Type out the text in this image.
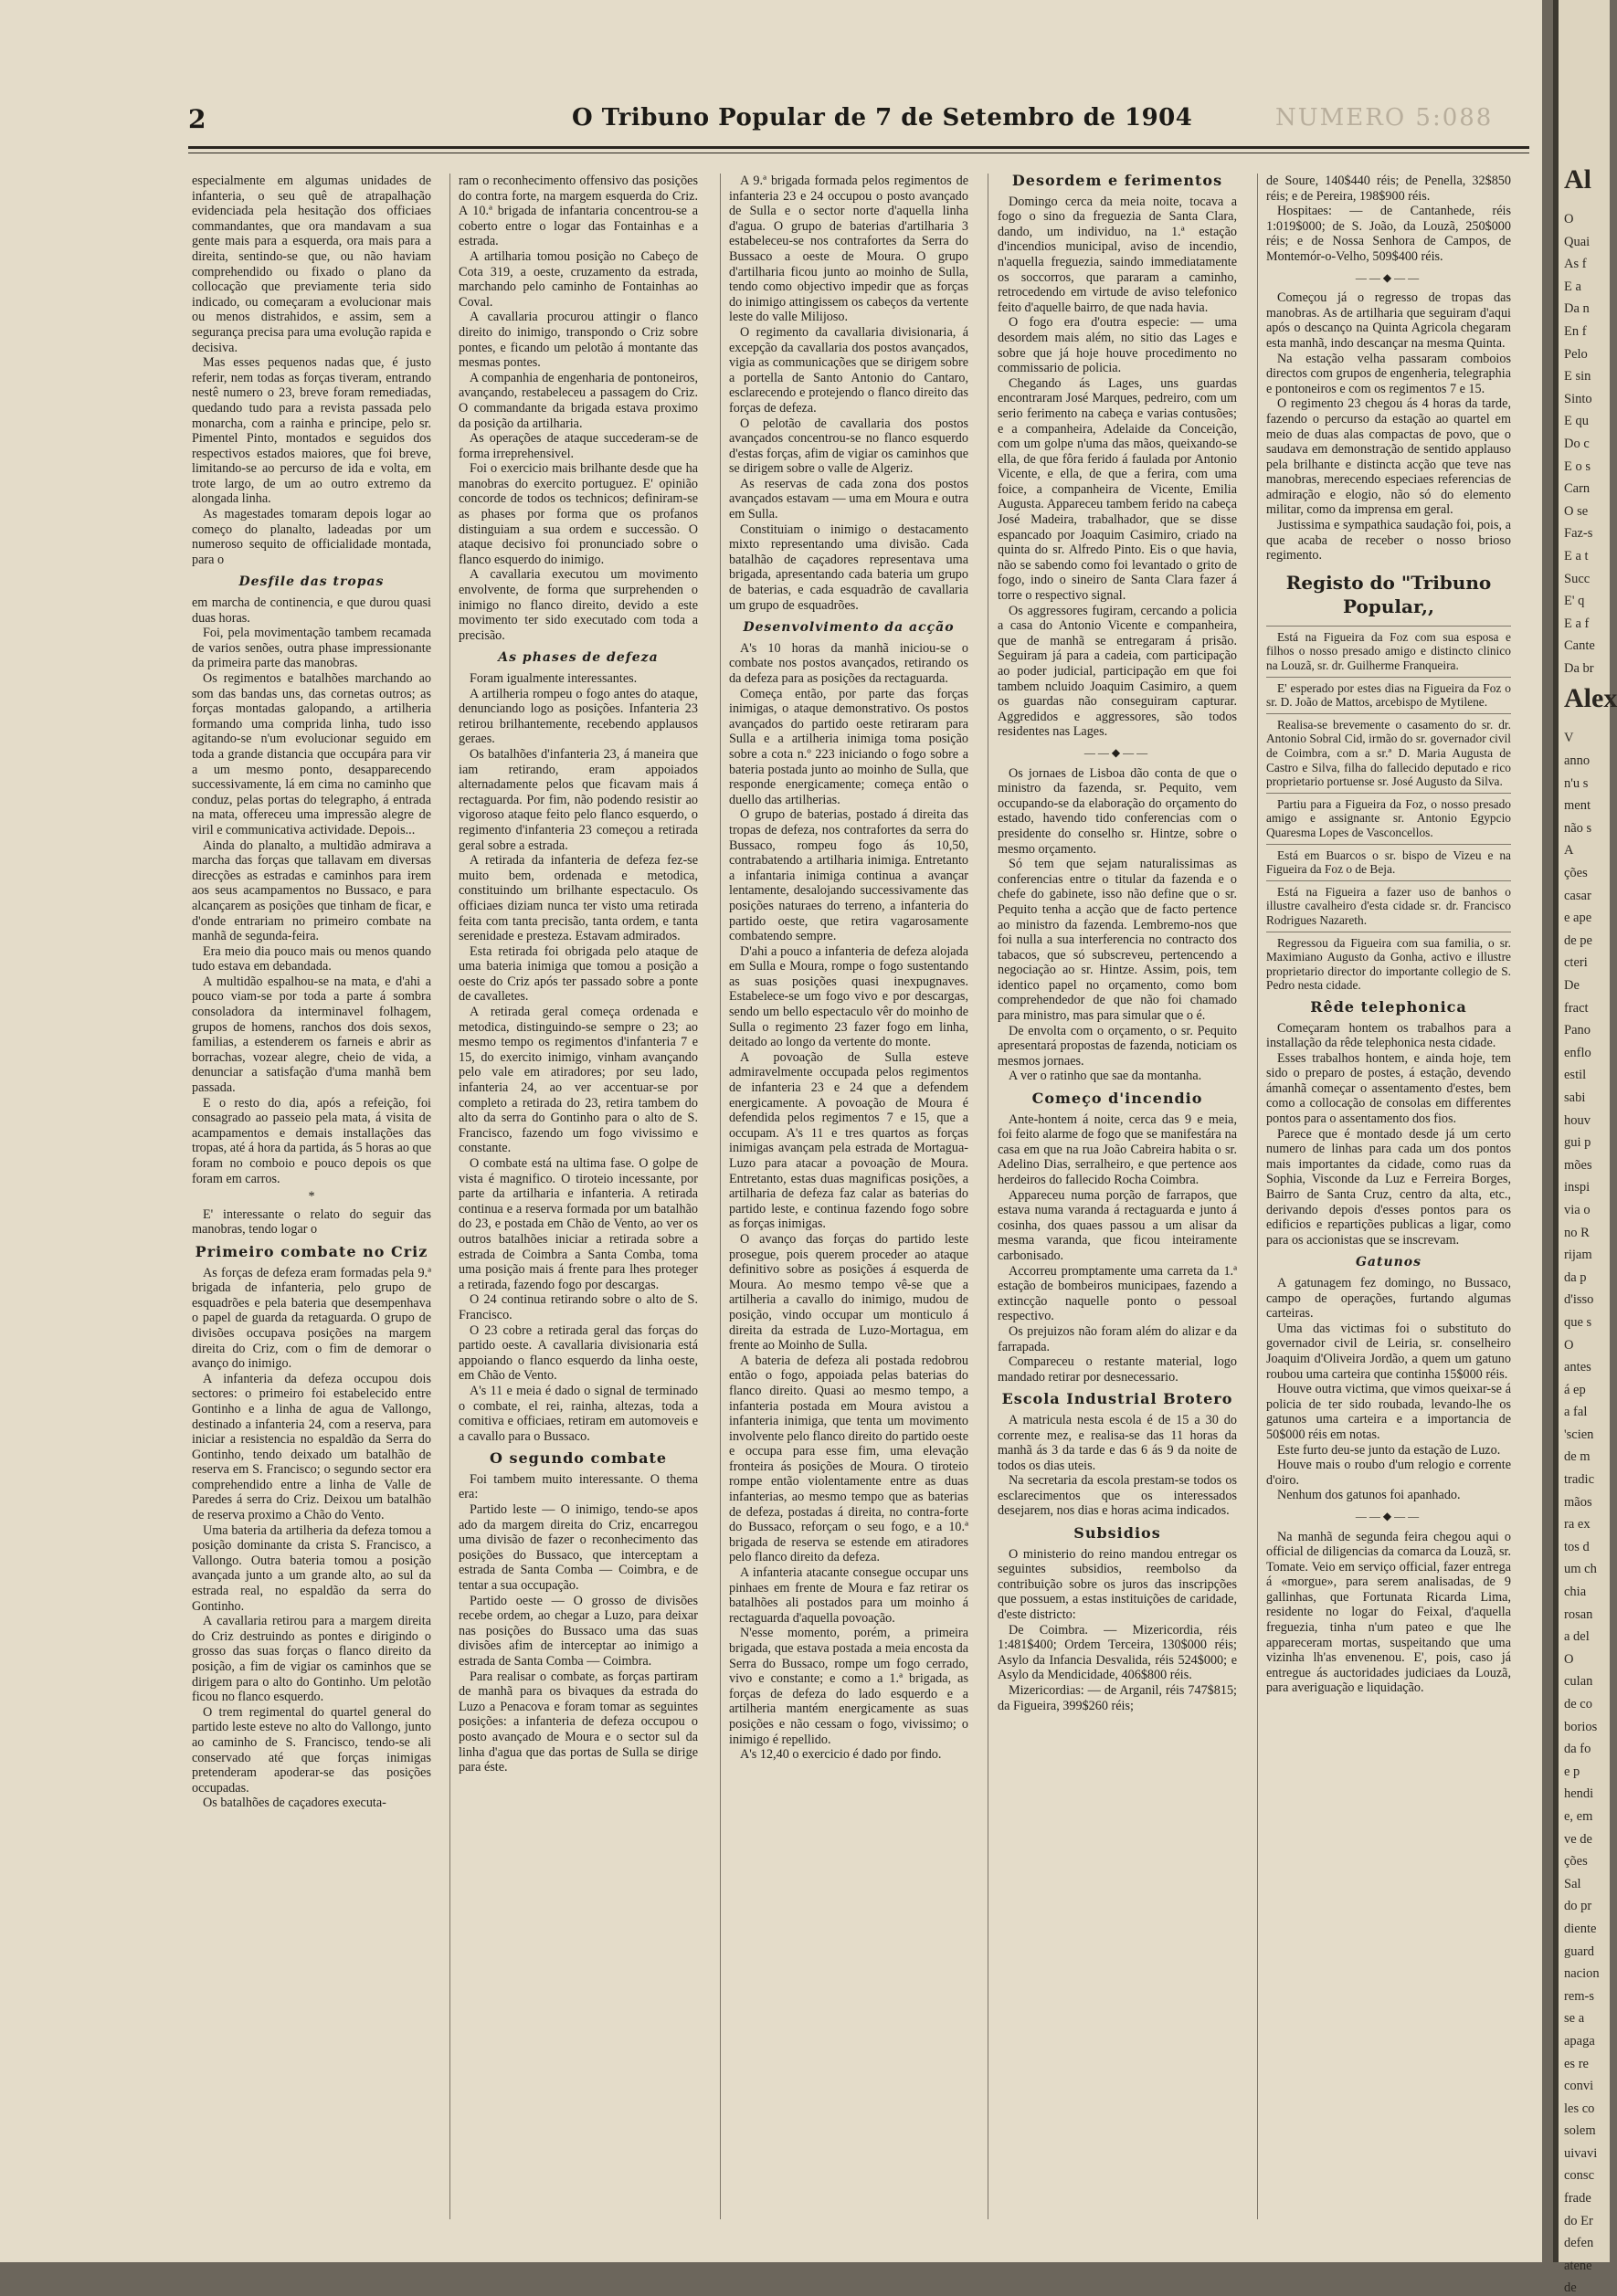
2	O Tribuno Popular de 7 de Setembro de 1904	NUMERO 5:088

especialmente em algumas unidades de infanteria, o seu quê de atrapalhação evidenciada pela hesitação dos officiaes commandantes, que ora mandavam a sua gente mais para a esquerda, ora mais para a direita, sentindo-se que, ou não haviam comprehendido ou fixado o plano da collocação que previamente teria sido indicado, ou começaram a evolucionar mais ou menos distrahidos, e assim, sem a segurança precisa para uma evolução rapida e decisiva.

Mas esses pequenos nadas que, é justo referir, nem todas as forças tiveram, entrando nestê numero o 23, breve foram remediadas, quedando tudo para a revista passada pelo monarcha, com a rainha e principe, pelo sr. Pimentel Pinto, montados e seguidos dos respectivos estados maiores, que foi breve, limitando-se ao percurso de ida e volta, em trote largo, de um ao outro extremo da alongada linha.

As magestades tomaram depois logar ao começo do planalto, ladeadas por um numeroso sequito de officialidade montada, para o

Desfile das tropas

em marcha de continencia, e que durou quasi duas horas.

Foi, pela movimentação tambem recamada de varios senões, outra phase impressionante da primeira parte das manobras.

Os regimentos e batalhões marchando ao som das bandas uns, das cornetas outros; as forças montadas galopando, a artilheria formando uma comprida linha, tudo isso agitando-se n'um evolucionar seguido em toda a grande distancia que occupára para vir a um mesmo ponto, desapparecendo successivamente, lá em cima no caminho que conduz, pelas portas do telegrapho, á entrada na mata, offereceu uma impressão alegre de viril e communicativa actividade. Depois...

Ainda do planalto, a multidão admirava a marcha das forças que tallavam em diversas direcções as estradas e caminhos para irem aos seus acampamentos no Bussaco, e para alcançarem as posições que tinham de ficar, e d'onde entrariam no primeiro combate na manhã de segunda-feira.

Era meio dia pouco mais ou menos quando tudo estava em debandada.

A multidão espalhou-se na mata, e d'ahi a pouco viam-se por toda a parte á sombra consoladora da interminavel folhagem, grupos de homens, ranchos dos dois sexos, familias, a estenderem os farneis e abrir as borrachas, vozear alegre, cheio de vida, a denunciar a satisfação d'uma manhã bem passada.

E o resto do dia, após a refeição, foi consagrado ao passeio pela mata, á visita de acampamentos e demais installações das tropas, até á hora da partida, ás 5 horas ao que foram no comboio e pouco depois os que foram em carros.

*

E' interessante o relato do seguir das manobras, tendo logar o

Primeiro combate no Criz

As forças de defeza eram formadas pela 9.ª brigada de infanteria, pelo grupo de esquadrões e pela bateria que desempenhava o papel de guarda da retaguarda. O grupo de divisões occupava posições na margem direita do Criz, com o fim de demorar o avanço do inimigo.

A infanteria da defeza occupou dois sectores: o primeiro foi estabelecido entre Gontinho e a linha de agua de Vallongo, destinado a infanteria 24, com a reserva, para iniciar a resistencia no espaldão da Serra do Gontinho, tendo deixado um batalhão de reserva em S. Francisco; o segundo sector era comprehendido entre a linha de Valle de Paredes á serra do Criz. Deixou um batalhão de reserva proximo a Chão do Vento.

Uma bateria da artilheria da defeza tomou a posição dominante da crista S. Francisco, a Vallongo. Outra bateria tomou a posição avançada junto a um grande alto, ao sul da estrada real, no espaldão da serra do Gontinho.

A cavallaria retirou para a margem direita do Criz destruindo as pontes e dirigindo o grosso das suas forças o flanco direito da posição, a fim de vigiar os caminhos que se dirigem para o alto do Gontinho. Um pelotão ficou no flanco esquerdo.

O trem regimental do quartel general do partido leste esteve no alto do Vallongo, junto ao caminho de S. Francisco, tendo-se ali conservado até que forças inimigas pretenderam apoderar-se das posições occupadas.

Os batalhões de caçadores executa-

ram o reconhecimento offensivo das posições do contra forte, na margem esquerda do Criz. A 10.ª brigada de infantaria concentrou-se a coberto entre o logar das Fontainhas e a estrada.

A artilharia tomou posição no Cabeço de Cota 319, a oeste, cruzamento da estrada, marchando pelo caminho de Fontainhas ao Coval.

A cavallaria procurou attingir o flanco direito do inimigo, transpondo o Criz sobre pontes, e ficando um pelotão á montante das mesmas pontes.

A companhia de engenharia de pontoneiros, avançando, restabeleceu a passagem do Criz. O commandante da brigada estava proximo da posição da artilharia.

As operações de ataque succederam-se de forma irreprehensivel.

Foi o exercicio mais brilhante desde que ha manobras do exercito portuguez. E' opinião concorde de todos os technicos; definiram-se as phases por forma que os profanos distinguiam a sua ordem e successão. O ataque decisivo foi pronunciado sobre o flanco esquerdo do inimigo.

A cavallaria executou um movimento envolvente, de forma que surprehenden o inimigo no flanco direito, devido a este movimento ter sido executado com toda a precisão.

As phases de defeza

Foram igualmente interessantes.

A artilheria rompeu o fogo antes do ataque, denunciando logo as posições. Infanteria 23 retirou brilhantemente, recebendo applausos geraes.

Os batalhões d'infanteria 23, á maneira que iam retirando, eram appoiados alternadamente pelos que ficavam mais á rectaguarda. Por fim, não podendo resistir ao vigoroso ataque feito pelo flanco esquerdo, o regimento d'infanteria 23 começou a retirada geral sobre a estrada.

A retirada da infanteria de defeza fez-se muito bem, ordenada e metodica, constituindo um brilhante espectaculo. Os officiaes diziam nunca ter visto uma retirada feita com tanta precisão, tanta ordem, e tanta serenidade e presteza. Estavam admirados.

Esta retirada foi obrigada pelo ataque de uma bateria inimiga que tomou a posição a oeste do Criz após ter passado sobre a ponte de cavalletes.

A retirada geral começa ordenada e metodica, distinguindo-se sempre o 23; ao mesmo tempo os regimentos d'infanteria 7 e 15, do exercito inimigo, vinham avançando pelo vale em atiradores; por seu lado, infanteria 24, ao ver accentuar-se por completo a retirada do 23, retira tambem do alto da serra do Gontinho para o alto de S. Francisco, fazendo um fogo vivissimo e constante.

O combate está na ultima fase. O golpe de vista é magnifico. O tiroteio incessante, por parte da artilharia e infanteria. A retirada continua e a reserva formada por um batalhão do 23, e postada em Chão de Vento, ao ver os outros batalhões iniciar a retirada sobre a estrada de Coimbra a Santa Comba, toma uma posição mais á frente para lhes proteger a retirada, fazendo fogo por descargas.

O 24 continua retirando sobre o alto de S. Francisco.

O 23 cobre a retirada geral das forças do partido oeste. A cavallaria divisionaria está appoiando o flanco esquerdo da linha oeste, em Chão de Vento.

A's 11 e meia é dado o signal de terminado o combate, el rei, rainha, altezas, toda a comitiva e officiaes, retiram em automoveis e a cavallo para o Bussaco.

O segundo combate

Foi tambem muito interessante. O thema era:

Partido leste — O inimigo, tendo-se apos ado da margem direita do Criz, encarregou uma divisão de fazer o reconhecimento das posições do Bussaco, que interceptam a estrada de Santa Comba — Coimbra, e de tentar a sua occupação.

Partido oeste — O grosso de divisões recebe ordem, ao chegar a Luzo, para deixar nas posições do Bussaco uma das suas divisões afim de interceptar ao inimigo a estrada de Santa Comba — Coimbra.

Para realisar o combate, as forças partiram de manhã para os bivaques da estrada do Luzo a Penacova e foram tomar as seguintes posições: a infanteria de defeza occupou o posto avançado de Moura e o sector sul da linha d'agua que das portas de Sulla se dirige para éste.

A 9.ª brigada formada pelos regimentos de infanteria 23 e 24 occupou o posto avançado de Sulla e o sector norte d'aquella linha d'agua. O grupo de baterias d'artilharia 3 estabeleceu-se nos contrafortes da Serra do Bussaco a oeste de Moura. O grupo d'artilharia ficou junto ao moinho de Sulla, tendo como objectivo impedir que as forças do inimigo attingissem os cabeços da vertente leste do valle Milijoso.

O regimento da cavallaria divisionaria, á excepção da cavallaria dos postos avançados, vigia as communicações que se dirigem sobre a portella de Santo Antonio do Cantaro, esclarecendo e protejendo o flanco direito das forças de defeza.

O pelotão de cavallaria dos postos avançados concentrou-se no flanco esquerdo d'estas forças, afim de vigiar os caminhos que se dirigem sobre o valle de Algeriz.

As reservas de cada zona dos postos avançados estavam — uma em Moura e outra em Sulla.

Constituiam o inimigo o destacamento mixto representando uma divisão. Cada batalhão de caçadores representava uma brigada, apresentando cada bateria um grupo de baterias, e cada esquadrão de cavallaria um grupo de esquadrões.

Desenvolvimento da acção

A's 10 horas da manhã iniciou-se o combate nos postos avançados, retirando os da defeza para as posições da rectaguarda.

Começa então, por parte das forças inimigas, o ataque demonstrativo. Os postos avançados do partido oeste retiraram para Sulla e a artilheria inimiga toma posição sobre a cota n.º 223 iniciando o fogo sobre a bateria postada junto ao moinho de Sulla, que responde energicamente; começa então o duello das artilherias.

O grupo de baterias, postado á direita das tropas de defeza, nos contrafortes da serra do Bussaco, rompeu fogo ás 10,50, contrabatendo a artilharia inimiga. Entretanto a infantaria inimiga continua a avançar lentamente, desalojando successivamente das posições naturaes do terreno, a infanteria do partido oeste, que retira vagarosamente combatendo sempre.

D'ahi a pouco a infanteria de defeza alojada em Sulla e Moura, rompe o fogo sustentando as suas posições quasi inexpugnaves. Estabelece-se um fogo vivo e por descargas, sendo um bello espectaculo vêr do moinho de Sulla o regimento 23 fazer fogo em linha, deitado ao longo da vertente do monte.

A povoação de Sulla esteve admiravelmente occupada pelos regimentos de infanteria 23 e 24 que a defendem energicamente. A povoação de Moura é defendida pelos regimentos 7 e 15, que a occupam. A's 11 e tres quartos as forças inimigas avançam pela estrada de Mortagua-Luzo para atacar a povoação de Moura. Entretanto, estas duas magnificas posições, a artilharia de defeza faz calar as baterias do partido leste, e continua fazendo fogo sobre as forças inimigas.

O avanço das forças do partido leste prosegue, pois querem proceder ao ataque definitivo sobre as posições á esquerda de Moura. Ao mesmo tempo vê-se que a artilheria a cavallo do inimigo, mudou de posição, vindo occupar um monticulo á direita da estrada de Luzo-Mortagua, em frente ao Moinho de Sulla.

A bateria de defeza ali postada redobrou então o fogo, appoiada pelas baterias do flanco direito. Quasi ao mesmo tempo, a infanteria postada em Moura avistou a infanteria inimiga, que tenta um movimento involvente pelo flanco direito do partido oeste e occupa para esse fim, uma elevação fronteira ás posições de Moura. O tiroteio rompe então violentamente entre as duas infanterias, ao mesmo tempo que as baterias de defeza, postadas á direita, no contra-forte do Bussaco, reforçam o seu fogo, e a 10.ª brigada de reserva se estende em atiradores pelo flanco direito da defeza.

A infanteria atacante consegue occupar uns pinhaes em frente de Moura e faz retirar os batalhões ali postados para um moinho á rectaguarda d'aquella povoação.

N'esse momento, porém, a primeira brigada, que estava postada a meia encosta da Serra do Bussaco, rompe um fogo cerrado, vivo e constante; e como a 1.ª brigada, as forças de defeza do lado esquerdo e a artilheria mantém energicamente as suas posições e não cessam o fogo, vivissimo; o inimigo é repellido.

A's 12,40 o exercicio é dado por findo.

Desordem e ferimentos

Domingo cerca da meia noite, tocava a fogo o sino da freguezia de Santa Clara, dando, um individuo, na 1.ª estação d'incendios municipal, aviso de incendio, n'aquella freguezia, saindo immediatamente os soccorros, que pararam a caminho, retrocedendo em virtude de aviso telefonico feito d'aquelle bairro, de que nada havia.

O fogo era d'outra especie: — uma desordem mais além, no sitio das Lages e sobre que já hoje houve procedimento no commissario de policia.

Chegando ás Lages, uns guardas encontraram José Marques, pedreiro, com um serio ferimento na cabeça e varias contusões; e a companheira, Adelaide da Conceição, com um golpe n'uma das mãos, queixando-se ella, de que fôra ferido á faulada por Antonio Vicente, e ella, de que a ferira, com uma foice, a companheira de Vicente, Emilia Augusta. Appareceu tambem ferido na cabeça José Madeira, trabalhador, que se disse espancado por Joaquim Casimiro, criado na quinta do sr. Alfredo Pinto. Eis o que havia, não se sabendo como foi levantado o grito de fogo, indo o sineiro de Santa Clara fazer á torre o respectivo signal.

Os aggressores fugiram, cercando a policia a casa do Antonio Vicente e companheira, que de manhã se entregaram á prisão. Seguiram já para a cadeia, com participação ao poder judicial, participação em que foi tambem ncluido Joaquim Casimiro, a quem os guardas não conseguiram capturar. Aggredidos e aggressores, são todos residentes nas Lages.

——◆——

Os jornaes de Lisboa dão conta de que o ministro da fazenda, sr. Pequito, vem occupando-se da elaboração do orçamento do estado, havendo tido conferencias com o presidente do conselho sr. Hintze, sobre o mesmo orçamento.

Só tem que sejam naturalissimas as conferencias entre o titular da fazenda e o chefe do gabinete, isso não define que o sr. Pequito tenha a acção que de facto pertence ao ministro da fazenda. Lembremo-nos que foi nulla a sua interferencia no contracto dos tabacos, que só subscreveu, pertencendo a negociação ao sr. Hintze. Assim, pois, tem identico papel no orçamento, como bom comprehendedor de que não foi chamado para ministro, mas para simular que o é.

De envolta com o orçamento, o sr. Pequito apresentará propostas de fazenda, noticiam os mesmos jornaes.

A ver o ratinho que sae da montanha.

Começo d'incendio

Ante-hontem á noite, cerca das 9 e meia, foi feito alarme de fogo que se manifestára na casa em que na rua João Cabreira habita o sr. Adelino Dias, serralheiro, e que pertence aos herdeiros do fallecido Rocha Coimbra.

Appareceu numa porção de farrapos, que estava numa varanda á rectaguarda e junto á cosinha, dos quaes passou a um alisar da mesma varanda, que ficou inteiramente carbonisado.

Accorreu promptamente uma carreta da 1.ª estação de bombeiros municipaes, fazendo a extincção naquelle ponto o pessoal respectivo.

Os prejuizos não foram além do alizar e da farrapada.

Compareceu o restante material, logo mandado retirar por desnecessario.

Escola Industrial Brotero

A matricula nesta escola é de 15 a 30 do corrente mez, e realisa-se das 11 horas da manhã ás 3 da tarde e das 6 ás 9 da noite de todos os dias uteis.

Na secretaria da escola prestam-se todos os esclarecimentos que os interessados desejarem, nos dias e horas acima indicados.

Subsidios

O ministerio do reino mandou entregar os seguintes subsidios, reembolso da contribuição sobre os juros das inscripções que possuem, a estas instituições de caridade, d'este districto:

De Coimbra. — Mizericordia, réis 1:481$400; Ordem Terceira, 130$000 réis; Asylo da Infancia Desvalida, réis 524$000; e Asylo da Mendicidade, 406$800 réis.

Mizericordias: — de Arganil, réis 747$815; da Figueira, 399$260 réis;

de Soure, 140$440 réis; de Penella, 32$850 réis; e de Pereira, 198$900 réis.

Hospitaes: — de Cantanhede, réis 1:019$000; de S. João, da Louzã, 250$000 réis; e de Nossa Senhora de Campos, de Montemór-o-Velho, 509$400 réis.

——◆——

Começou já o regresso de tropas das manobras. As de artilharia que seguiram d'aqui após o descanço na Quinta Agricola chegaram esta manhã, indo descançar na mesma Quinta.

Na estação velha passaram comboios directos com grupos de engenheria, telegraphia e pontoneiros e com os regimentos 7 e 15.

O regimento 23 chegou ás 4 horas da tarde, fazendo o percurso da estação ao quartel em meio de duas alas compactas de povo, que o saudava em demonstração de sentido applauso pela brilhante e distincta acção que teve nas manobras, merecendo especiaes referencias de admiração e elogio, não só do elemento militar, como da imprensa em geral.

Justissima e sympathica saudação foi, pois, a que acaba de receber o nosso brioso regimento.

Registo do "Tribuno Popular,,

Está na Figueira da Foz com sua esposa e filhos o nosso presado amigo e distincto clinico na Louzã, sr. dr. Guilherme Franqueira.

E' esperado por estes dias na Figueira da Foz o sr. D. João de Mattos, arcebispo de Mytilene.

Realisa-se brevemente o casamento do sr. dr. Antonio Sobral Cid, irmão do sr. governador civil de Coimbra, com a sr.ª D. Maria Augusta de Castro e Silva, filha do fallecido deputado e rico proprietario portuense sr. José Augusto da Silva.

Partiu para a Figueira da Foz, o nosso presado amigo e assignante sr. Antonio Egypcio Quaresma Lopes de Vasconcellos.

Está em Buarcos o sr. bispo de Vizeu e na Figueira da Foz o de Beja.

Está na Figueira a fazer uso de banhos o illustre cavalheiro d'esta cidade sr. dr. Francisco Rodrigues Nazareth.

Regressou da Figueira com sua familia, o sr. Maximiano Augusto da Gonha, activo e illustre proprietario director do importante collegio de S. Pedro nesta cidade.

Rêde telephonica

Começaram hontem os trabalhos para a installação da rêde telephonica nesta cidade.

Esses trabalhos hontem, e ainda hoje, tem sido o preparo de postes, á estação, devendo ámanhã começar o assentamento d'estes, bem como a collocação de consolas em differentes pontos para o assentamento dos fios.

Parece que é montado desde já um certo numero de linhas para cada um dos pontos mais importantes da cidade, como ruas da Sophia, Visconde da Luz e Ferreira Borges, Bairro de Santa Cruz, centro da alta, etc., derivando depois d'esses pontos para os edificios e repartições publicas a ligar, como para os accionistas que se inscrevam.

Gatunos

A gatunagem fez domingo, no Bussaco, campo de operações, furtando algumas carteiras.

Uma das victimas foi o substituto do governador civil de Leiria, sr. conselheiro Joaquim d'Oliveira Jordão, a quem um gatuno roubou uma carteira que continha 15$000 réis.

Houve outra victima, que vimos queixar-se á policia de ter sido roubada, levando-lhe os gatunos uma carteira e a importancia de 50$000 réis em notas.

Este furto deu-se junto da estação de Luzo.

Houve mais o roubo d'um relogio e corrente d'oiro.

Nenhum dos gatunos foi apanhado.

——◆——

Na manhã de segunda feira chegou aqui o official de diligencias da comarca da Louzã, sr. Tomate. Veio em serviço official, fazer entrega á «morgue», para serem analisadas, de 9 gallinhas, que Fortunata Ricarda Lima, residente no logar do Feixal, d'aquella freguezia, tinha n'um pateo e que lhe appareceram mortas, suspeitando que uma vizinha lh'as envenenou. E', pois, caso já entregue ás auctoridades judiciaes da Louzã, para averiguação e liquidação.

Al
O
Quai
As f
E a
Da n
En f
Pelo
E sin
Sinto
E qu
Do c
E o s
Carn
O se
Faz-s
E a t
Succ
E' q
E a f
Cante
Da br
Alex
V
anno
n'u s
ment
não s
A
ções
casar
e ape
de pe
cteri
De
fract
Pano
enflo
estil
sabi
houv
gui p
mões
inspi
via o
no R
rijam
da p
d'isso
que s
O
antes
á ep
a fal
'scien
de m
tradic
mãos
ra ex
tos d
um ch
chia
rosan
a del
O
culan
de co
borios
da fo
e p
hendi
e, em
ve de
ções
Sal
do pr
diente
guard
nacion
rem-s
se a
apaga
es re
convi
les co
solem
uivavi
consc
frade
do Er
defen
atene
de
